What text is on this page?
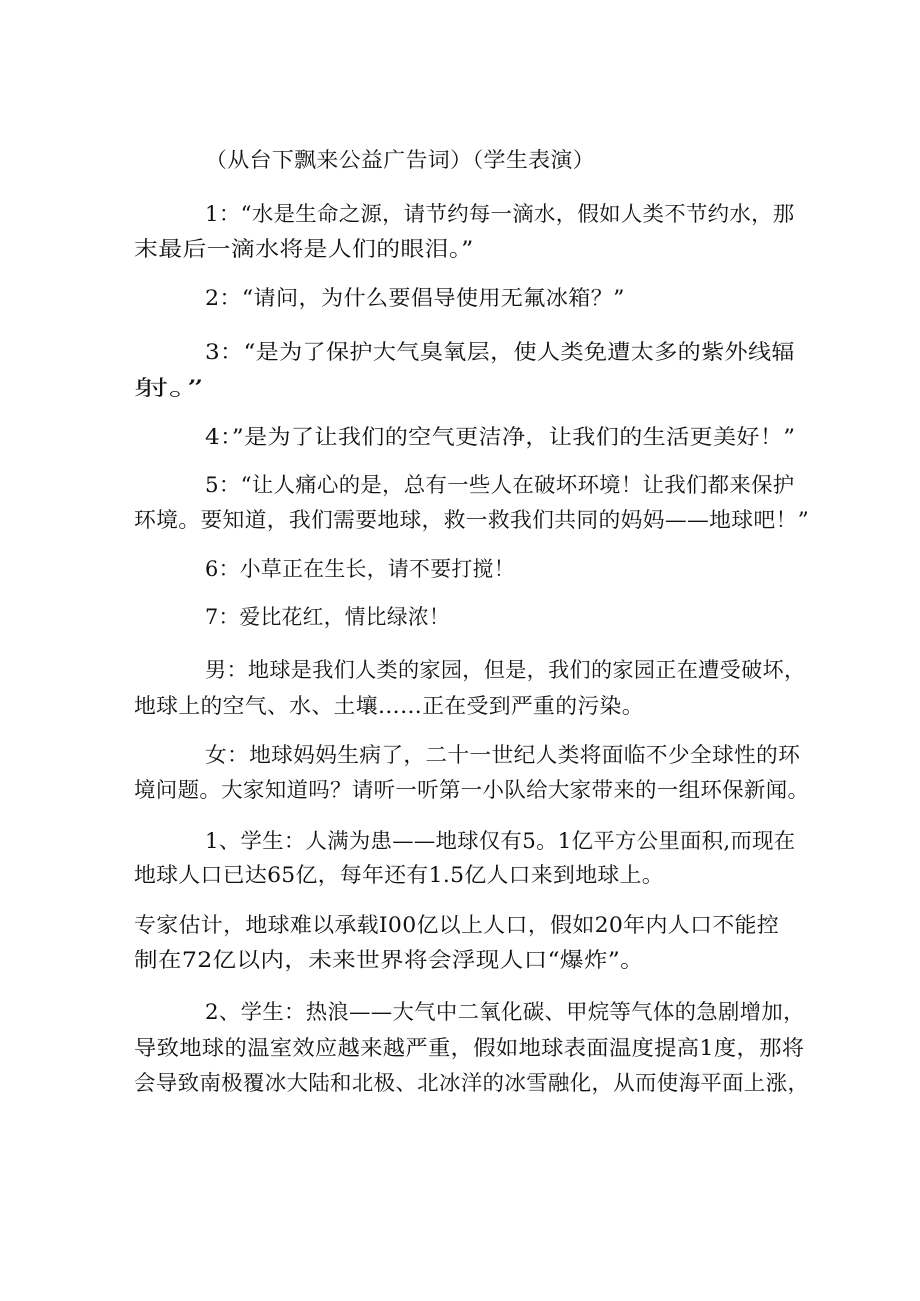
（从台下飘来公益广告词）（学生表演）
1：“水是生命之源，请节约每一滴水，假如人类不节约水，那
末最后一滴水将是人们的眼泪。”
2：“请问，为什么要倡导使用无氟冰箱？”
3：“是为了保护大气臭氧层，使人类免遭太多的紫外线辐
射。”
4：”是为了让我们的空气更洁净，让我们的生活更美好！”
5：“让人痛心的是，总有一些人在破坏环境！让我们都来保护
环境。要知道，我们需要地球，救一救我们共同的妈妈——地球吧！”
6：小草正在生长，请不要打搅！
7：爱比花红，情比绿浓！
男：地球是我们人类的家园，但是，我们的家园正在遭受破坏，
地球上的空气、水、土壤……正在受到严重的污染。
女：地球妈妈生病了，二十一世纪人类将面临不少全球性的环
境问题。大家知道吗？请听一听第一小队给大家带来的一组环保新闻。
1、学生：人满为患——地球仅有5。1亿平方公里面积,而现在
地球人口已达65亿，每年还有1.5亿人口来到地球上。
专家估计，地球难以承载I00亿以上人口，假如20年内人口不能控
制在72亿以内，未来世界将会浮现人口“爆炸”。
2、学生：热浪——大气中二氧化碳、甲烷等气体的急剧增加，
导致地球的温室效应越来越严重，假如地球表面温度提高1度，那将
会导致南极覆冰大陆和北极、北冰洋的冰雪融化，从而使海平面上涨，
